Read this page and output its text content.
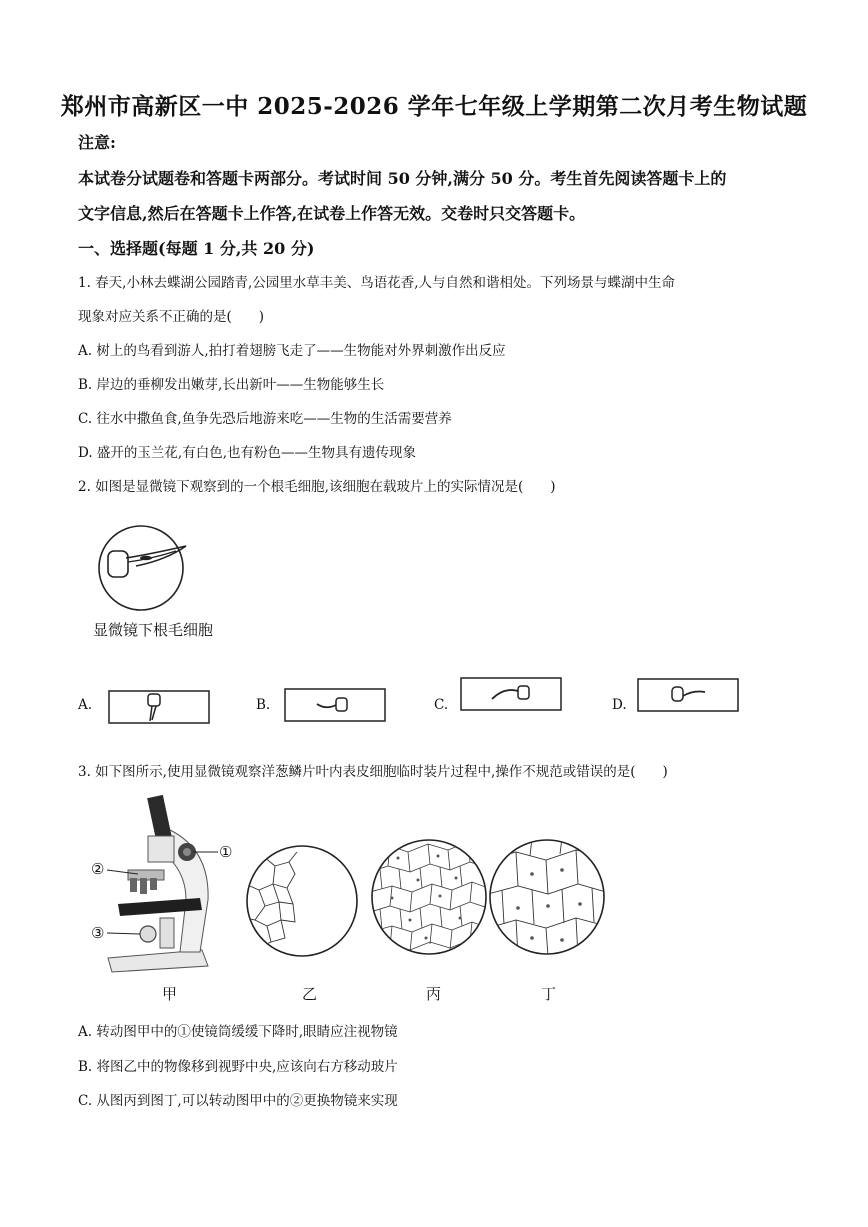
郑州市高新区一中 2025-2026 学年七年级上学期第二次月考生物试题
注意:
本试卷分试题卷和答题卡两部分。考试时间 50 分钟,满分 50 分。考生首先阅读答题卡上的
文字信息,然后在答题卡上作答,在试卷上作答无效。交卷时只交答题卡。
一、选择题(每题 1 分,共 20 分)
1. 春天,小林去蝶湖公园踏青,公园里水草丰美、鸟语花香,人与自然和谐相处。下列场景与蝶湖中生命
现象对应关系不正确的是(　　)
A. 树上的鸟看到游人,拍打着翅膀飞走了——生物能对外界刺激作出反应
B. 岸边的垂柳发出嫩芽,长出新叶——生物能够生长
C. 往水中撒鱼食,鱼争先恐后地游来吃——生物的生活需要营养
D. 盛开的玉兰花,有白色,也有粉色——生物具有遗传现象
2. 如图是显微镜下观察到的一个根毛细胞,该细胞在载玻片上的实际情况是(　　)
显微镜下根毛细胞
A.	B.	C.	D.
3. 如下图所示,使用显微镜观察洋葱鳞片叶内表皮细胞临时装片过程中,操作不规范或错误的是(　　)
①
②
③
甲	乙	丙	丁
A. 转动图甲中的①使镜筒缓缓下降时,眼睛应注视物镜
B. 将图乙中的物像移到视野中央,应该向右方移动玻片
C. 从图丙到图丁,可以转动图甲中的②更换物镜来实现
